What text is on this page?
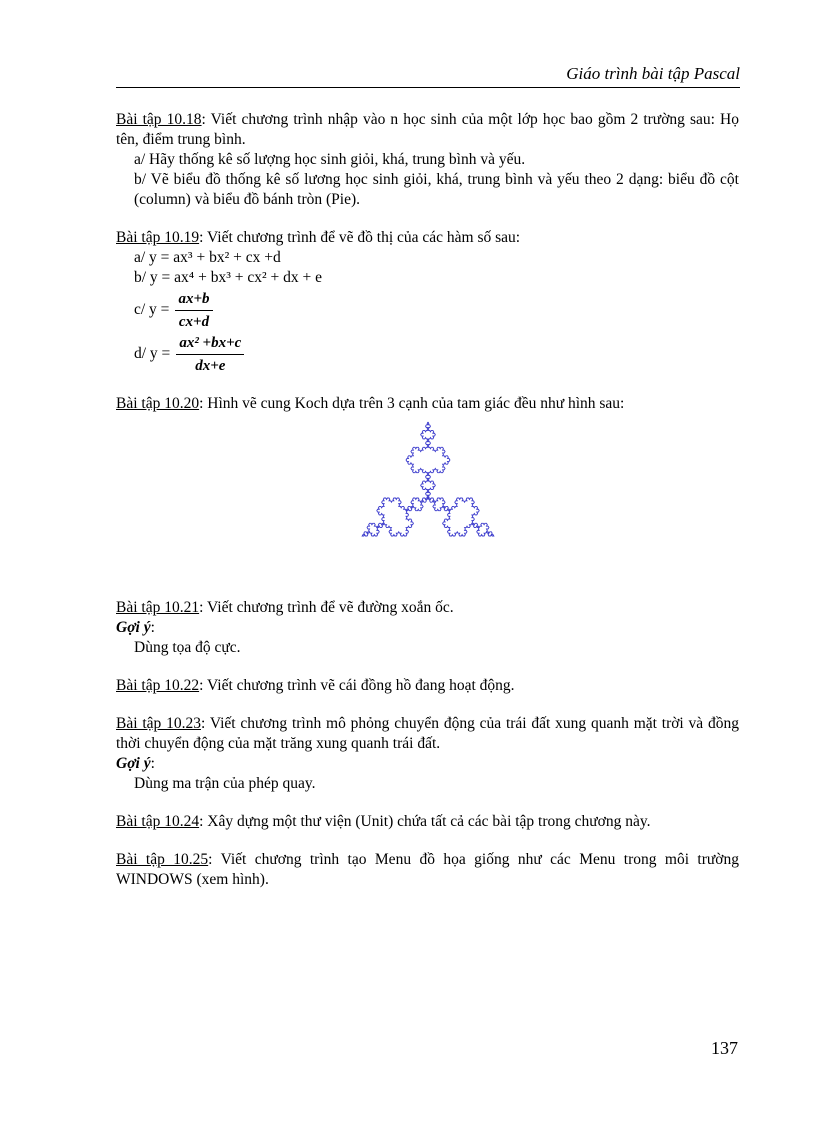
Giáo trình bài tập Pascal

Bài tập 10.18: Viết chương trình nhập vào n học sinh của một lớp học bao gồm 2 trường sau: Họ tên, điểm trung bình.

a/ Hãy thống kê số lượng học sinh giỏi, khá, trung bình và yếu.

b/ Vẽ biểu đồ thống kê số lương học sinh giỏi, khá, trung bình và yếu theo 2 dạng: biểu đồ cột (column) và biểu đồ bánh tròn (Pie).

Bài tập 10.19: Viết chương trình để vẽ đồ thị của các hàm số sau:

a/ y = ax³ + bx² + cx +d

b/ y = ax⁴ + bx³ + cx² + dx + e

c/ $y = \frac{ax+b}{cx+d}$
d/ $y = \frac{\text{ax² +bx+c}}{dx+e}$

Bài tập 10.20: Hình vẽ cung Koch dựa trên 3 cạnh của tam giác đều như hình sau:

Bài tập 10.21: Viết chương trình để vẽ đường xoắn ốc.

Gợi ý:

Dùng tọa độ cực.

Bài tập 10.22: Viết chương trình vẽ cái đồng hồ đang hoạt động.

Bài tập 10.23: Viết chương trình mô phỏng chuyển động của trái đất xung quanh mặt trời và đồng thời chuyển động của mặt trăng xung quanh trái đất.

Gợi ý:

Dùng ma trận của phép quay.

Bài tập 10.24: Xây dựng một thư viện (Unit) chứa tất cả các bài tập trong chương này.

Bài tập 10.25: Viết chương trình tạo Menu đồ họa giống như các Menu trong môi trường WINDOWS (xem hình).

137
